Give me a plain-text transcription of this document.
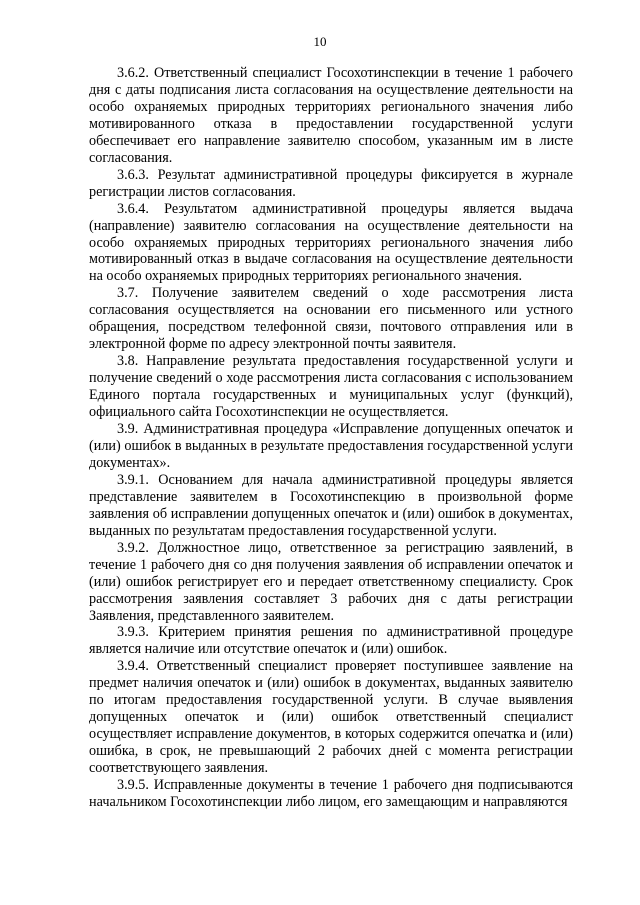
10

3.6.2. Ответственный специалист Госохотинспекции в течение 1 рабочего дня с даты подписания листа согласования на осуществление деятельности на особо охраняемых природных территориях регионального значения либо мотивированного отказа в предоставлении государственной услуги обеспечивает его направление заявителю способом, указанным им в листе согласования.

3.6.3. Результат административной процедуры фиксируется в журнале регистрации листов согласования.

3.6.4. Результатом административной процедуры является выдача (направление) заявителю согласования на осуществление деятельности на особо охраняемых природных территориях регионального значения либо мотивированный отказ в выдаче согласования на осуществление деятельности на особо охраняемых природных территориях регионального значения.

3.7. Получение заявителем сведений о ходе рассмотрения листа согласования осуществляется на основании его письменного или устного обращения, посредством телефонной связи, почтового отправления или в электронной форме по адресу электронной почты заявителя.

3.8. Направление результата предоставления государственной услуги и получение сведений о ходе рассмотрения листа согласования с использованием Единого портала государственных и муниципальных услуг (функций), официального сайта Госохотинспекции не осуществляется.

3.9. Административная процедура «Исправление допущенных опечаток и (или) ошибок в выданных в результате предоставления государственной услуги документах».

3.9.1. Основанием для начала административной процедуры является представление заявителем в Госохотинспекцию в произвольной форме заявления об исправлении допущенных опечаток и (или) ошибок в документах, выданных по результатам предоставления государственной услуги.

3.9.2. Должностное лицо, ответственное за регистрацию заявлений, в течение 1 рабочего дня со дня получения заявления об исправлении опечаток и (или) ошибок регистрирует его и передает ответственному специалисту. Срок рассмотрения заявления составляет 3 рабочих дня с даты регистрации Заявления, представленного заявителем.

3.9.3. Критерием принятия решения по административной процедуре является наличие или отсутствие опечаток и (или) ошибок.

3.9.4. Ответственный специалист проверяет поступившее заявление на предмет наличия опечаток и (или) ошибок в документах, выданных заявителю по итогам предоставления государственной услуги. В случае выявления допущенных опечаток и (или) ошибок ответственный специалист осуществляет исправление документов, в которых содержится опечатка и (или) ошибка, в срок, не превышающий 2 рабочих дней с момента регистрации соответствующего заявления.

3.9.5. Исправленные документы в течение 1 рабочего дня подписываются начальником Госохотинспекции либо лицом, его замещающим и направляются
